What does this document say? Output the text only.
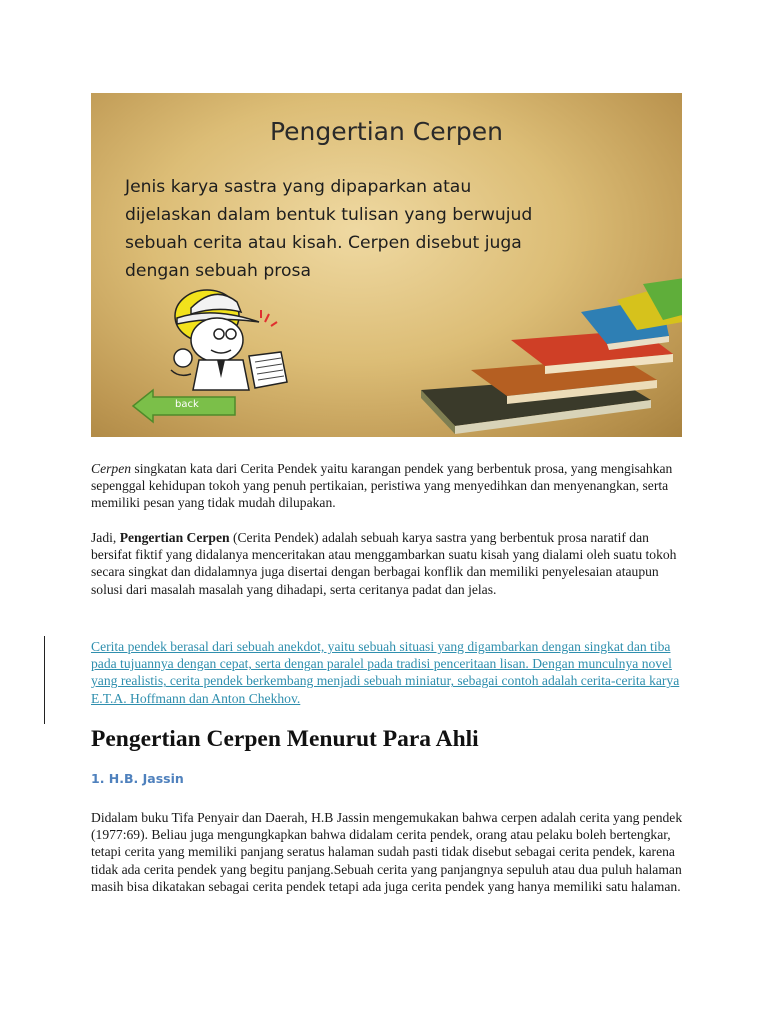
Pengertian Cerpen
Jenis karya sastra yang dipaparkan atau
dijelaskan dalam bentuk tulisan yang berwujud
sebuah cerita atau kisah. Cerpen disebut juga
dengan sebuah prosa
back

Cerpen singkatan kata dari Cerita Pendek yaitu karangan pendek yang berbentuk prosa, yang mengisahkan sepenggal kehidupan tokoh yang penuh pertikaian, peristiwa yang menyedihkan dan menyenangkan, serta memiliki pesan yang tidak mudah dilupakan.

Jadi, Pengertian Cerpen (Cerita Pendek) adalah sebuah karya sastra yang berbentuk prosa naratif dan bersifat fiktif yang didalanya menceritakan atau menggambarkan suatu kisah yang dialami oleh suatu tokoh secara singkat dan didalamnya juga disertai dengan berbagai konflik dan memiliki penyelesaian ataupun solusi dari masalah masalah yang dihadapi, serta ceritanya padat dan jelas.

Cerita pendek berasal dari sebuah anekdot, yaitu sebuah situasi yang digambarkan dengan singkat dan tiba pada tujuannya dengan cepat, serta dengan paralel pada tradisi penceritaan lisan. Dengan munculnya novel yang realistis, cerita pendek berkembang menjadi sebuah miniatur, sebagai contoh adalah cerita-cerita karya E.T.A. Hoffmann dan Anton Chekhov.

Pengertian Cerpen Menurut Para Ahli
1. H.B. Jassin

Didalam buku Tifa Penyair dan Daerah, H.B Jassin mengemukakan bahwa cerpen adalah cerita yang pendek (1977:69). Beliau juga mengungkapkan bahwa didalam cerita pendek, orang atau pelaku boleh bertengkar, tetapi cerita yang memiliki panjang seratus halaman sudah pasti tidak disebut sebagai cerita pendek, karena tidak ada cerita pendek yang begitu panjang.Sebuah cerita yang panjangnya sepuluh atau dua puluh halaman masih bisa dikatakan sebagai cerita pendek tetapi ada juga cerita pendek yang hanya memiliki satu halaman.
